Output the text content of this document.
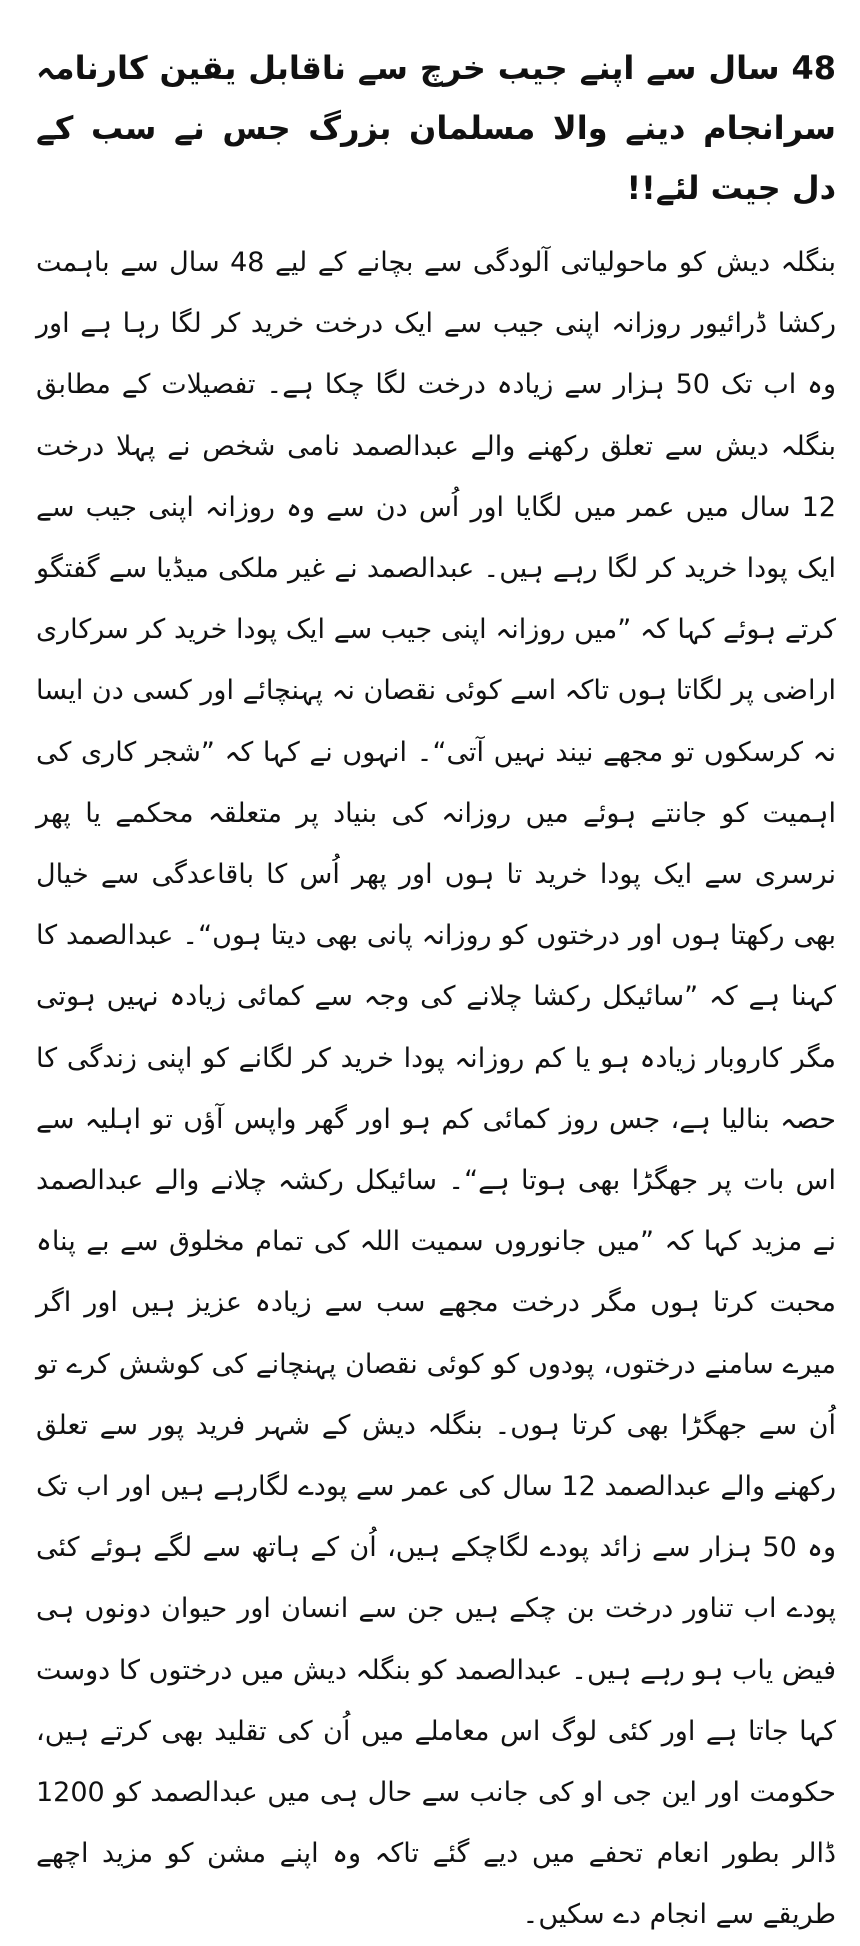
48 سال سے اپنے جیب خرچ سے ناقابل یقین کارنامہ سرانجام دینے والا مسلمان بزرگ جس نے سب کے دل جیت لئے!!

بنگلہ دیش کو ماحولیاتی آلودگی سے بچانے کے لیے 48 سال سے باہمت رکشا ڈرائیور روزانہ اپنی جیب سے ایک درخت خرید کر لگا رہا ہے اور وہ اب تک 50 ہزار سے زیادہ درخت لگا چکا ہے۔ تفصیلات کے مطابق بنگلہ دیش سے تعلق رکھنے والے عبدالصمد نامی شخص نے پہلا درخت 12 سال میں عمر میں لگایا اور اُس دن سے وہ روزانہ اپنی جیب سے ایک پودا خرید کر لگا رہے ہیں۔ عبدالصمد نے غیر ملکی میڈیا سے گفتگو کرتے ہوئے کہا کہ ”میں روزانہ اپنی جیب سے ایک پودا خرید کر سرکاری اراضی پر لگاتا ہوں تاکہ اسے کوئی نقصان نہ پہنچائے اور کسی دن ایسا نہ کرسکوں تو مجھے نیند نہیں آتی“۔ انہوں نے کہا کہ ”شجر کاری کی اہمیت کو جانتے ہوئے میں روزانہ کی بنیاد پر متعلقہ محکمے یا پھر نرسری سے ایک پودا خرید تا ہوں اور پھر اُس کا باقاعدگی سے خیال بھی رکھتا ہوں اور درختوں کو روزانہ پانی بھی دیتا ہوں“۔ عبدالصمد کا کہنا ہے کہ ”سائیکل رکشا چلانے کی وجہ سے کمائی زیادہ نہیں ہوتی مگر کاروبار زیادہ ہو یا کم روزانہ پودا خرید کر لگانے کو اپنی زندگی کا حصہ بنالیا ہے، جس روز کمائی کم ہو اور گھر واپس آؤں تو اہلیہ سے اس بات پر جھگڑا بھی ہوتا ہے“۔ سائیکل رکشہ چلانے والے عبدالصمد نے مزید کہا کہ ”میں جانوروں سمیت اللہ کی تمام مخلوق سے بے پناہ محبت کرتا ہوں مگر درخت مجھے سب سے زیادہ عزیز ہیں اور اگر میرے سامنے درختوں، پودوں کو کوئی نقصان پہنچانے کی کوشش کرے تو اُن سے جھگڑا بھی کرتا ہوں۔ بنگلہ دیش کے شہر فرید پور سے تعلق رکھنے والے عبدالصمد 12 سال کی عمر سے پودے لگارہے ہیں اور اب تک وہ 50 ہزار سے زائد پودے لگاچکے ہیں، اُن کے ہاتھ سے لگے ہوئے کئی پودے اب تناور درخت بن چکے ہیں جن سے انسان اور حیوان دونوں ہی فیض یاب ہو رہے ہیں۔ عبدالصمد کو بنگلہ دیش میں درختوں کا دوست کہا جاتا ہے اور کئی لوگ اس معاملے میں اُن کی تقلید بھی کرتے ہیں، حکومت اور این جی او کی جانب سے حال ہی میں عبدالصمد کو 1200 ڈالر بطور انعام تحفے میں دیے گئے تاکہ وہ اپنے مشن کو مزید اچھے طریقے سے انجام دے سکیں۔
